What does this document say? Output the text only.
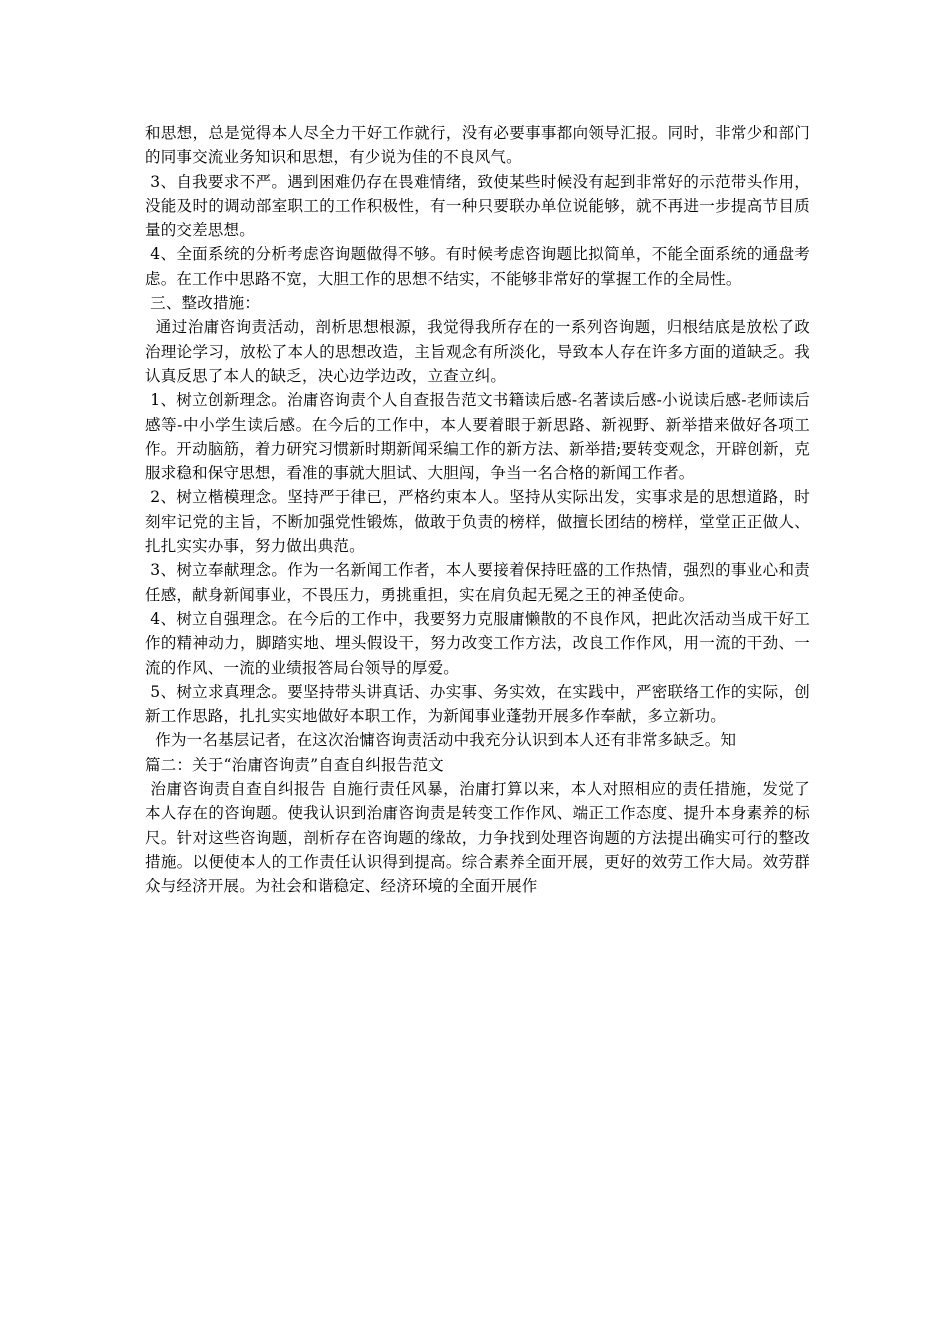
和思想，总是觉得本人尽全力干好工作就行，没有必要事事都向领导汇报。同时，非常少和部门的同事交流业务知识和思想，有少说为佳的不良风气。

3、自我要求不严。遇到困难仍存在畏难情绪，致使某些时候没有起到非常好的示范带头作用，没能及时的调动部室职工的工作积极性，有一种只要联办单位说能够，就不再进一步提高节目质量的交差思想。

4、全面系统的分析考虑咨询题做得不够。有时候考虑咨询题比拟简单，不能全面系统的通盘考虑。在工作中思路不宽，大胆工作的思想不结实，不能够非常好的掌握工作的全局性。

三、整改措施：

通过治庸咨询责活动，剖析思想根源，我觉得我所存在的一系列咨询题，归根结底是放松了政治理论学习，放松了本人的思想改造，主旨观念有所淡化，导致本人存在许多方面的道缺乏。我认真反思了本人的缺乏，决心边学边改，立查立纠。

1、树立创新理念。治庸咨询责个人自查报告范文书籍读后感-名著读后感-小说读后感-老师读后感等-中小学生读后感。在今后的工作中，本人要着眼于新思路、新视野、新举措来做好各项工作。开动脑筋，着力研究习惯新时期新闻采编工作的新方法、新举措;要转变观念，开辟创新，克服求稳和保守思想，看准的事就大胆试、大胆闯，争当一名合格的新闻工作者。

2、树立楷模理念。坚持严于律已，严格约束本人。坚持从实际出发，实事求是的思想道路，时刻牢记党的主旨，不断加强党性锻炼，做敢于负责的榜样，做擅长团结的榜样，堂堂正正做人、扎扎实实办事，努力做出典范。

3、树立奉献理念。作为一名新闻工作者，本人要接着保持旺盛的工作热情，强烈的事业心和责任感，献身新闻事业，不畏压力，勇挑重担，实在肩负起无冕之王的神圣使命。

4、树立自强理念。在今后的工作中，我要努力克服庸懒散的不良作风，把此次活动当成干好工作的精神动力，脚踏实地、埋头假设干，努力改变工作方法，改良工作作风，用一流的干劲、一流的作风、一流的业绩报答局台领导的厚爱。

5、树立求真理念。要坚持带头讲真话、办实事、务实效，在实践中，严密联络工作的实际，创新工作思路，扎扎实实地做好本职工作，为新闻事业蓬勃开展多作奉献，多立新功。

作为一名基层记者，在这次治慵咨询责活动中我充分认识到本人还有非常多缺乏。知

篇二：关于“治庸咨询责”自查自纠报告范文

治庸咨询责自查自纠报告 自施行责任风暴，治庸打算以来，本人对照相应的责任措施，发觉了本人存在的咨询题。使我认识到治庸咨询责是转变工作作风、端正工作态度、提升本身素养的标尺。针对这些咨询题，剖析存在咨询题的缘故，力争找到处理咨询题的方法提出确实可行的整改措施。以便使本人的工作责任认识得到提高。综合素养全面开展，更好的效劳工作大局。效劳群众与经济开展。为社会和谐稳定、经济环境的全面开展作
